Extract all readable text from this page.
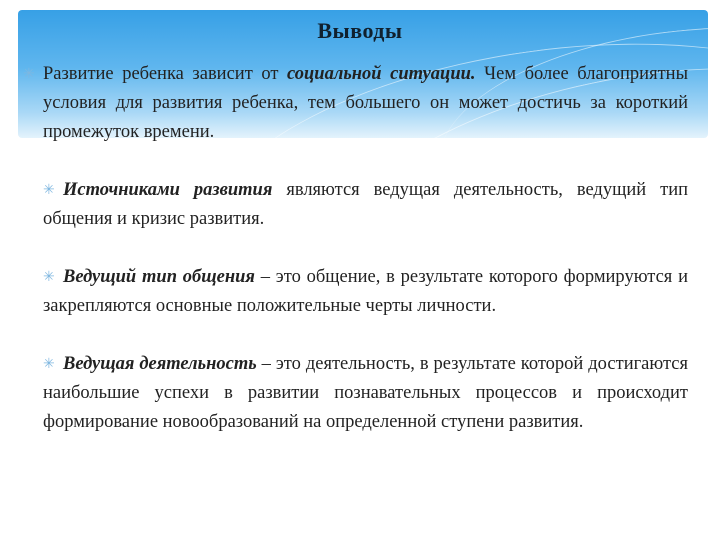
Выводы
✳ Развитие ребенка зависит от социальной ситуации. Чем более благоприятны условия для развития ребенка, тем большего он может достичь за короткий промежуток времени.
✳ Источниками развития являются ведущая деятельность, ведущий тип общения и кризис развития.
✳ Ведущий тип общения – это общение, в результате которого формируются и закрепляются основные положительные черты личности.
✳ Ведущая деятельность – это деятельность, в результате которой достигаются наибольшие успехи в развитии познавательных процессов и происходит формирование новообразований на определенной ступени развития.
